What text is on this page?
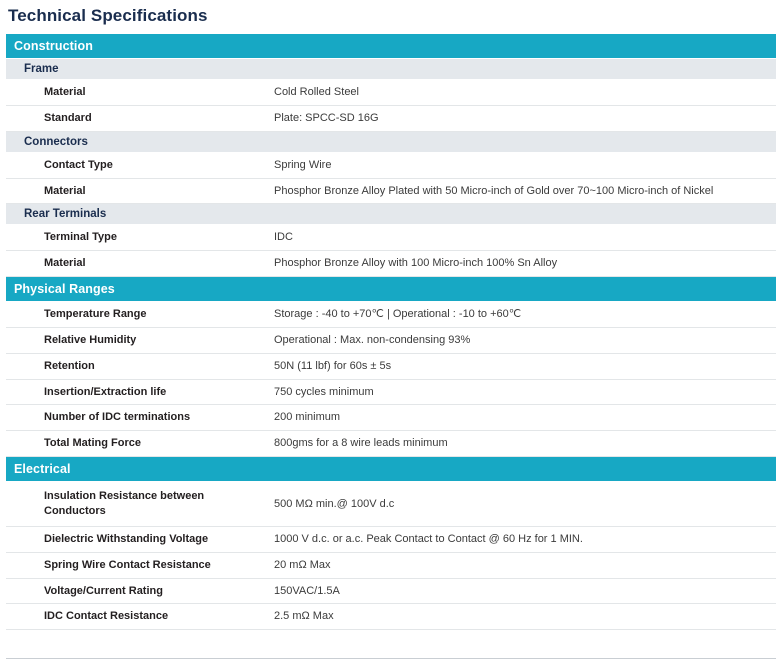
Technical Specifications
Construction	
Frame	
Material	Cold Rolled Steel
Standard	Plate: SPCC-SD 16G
Connectors	
Contact Type	Spring Wire
Material	Phosphor Bronze Alloy Plated with 50 Micro-inch of Gold over 70~100 Micro-inch of Nickel
Rear Terminals	
Terminal Type	IDC
Material	Phosphor Bronze Alloy with 100 Micro-inch 100% Sn Alloy
Physical Ranges	
Temperature Range	Storage : -40 to +70℃ | Operational : -10 to +60℃
Relative Humidity	Operational : Max. non-condensing 93%
Retention	50N (11 lbf) for 60s ± 5s
Insertion/Extraction life	750 cycles minimum
Number of IDC terminations	200 minimum
Total Mating Force	800gms for a 8 wire leads minimum
Electrical	
Insulation Resistance between Conductors	500 MΩ min.@ 100V d.c
Dielectric Withstanding Voltage	1000 V d.c. or a.c. Peak Contact to Contact @ 60 Hz for 1 MIN.
Spring Wire Contact Resistance	20 mΩ Max
Voltage/Current Rating	150VAC/1.5A
IDC Contact Resistance	2.5 mΩ Max
